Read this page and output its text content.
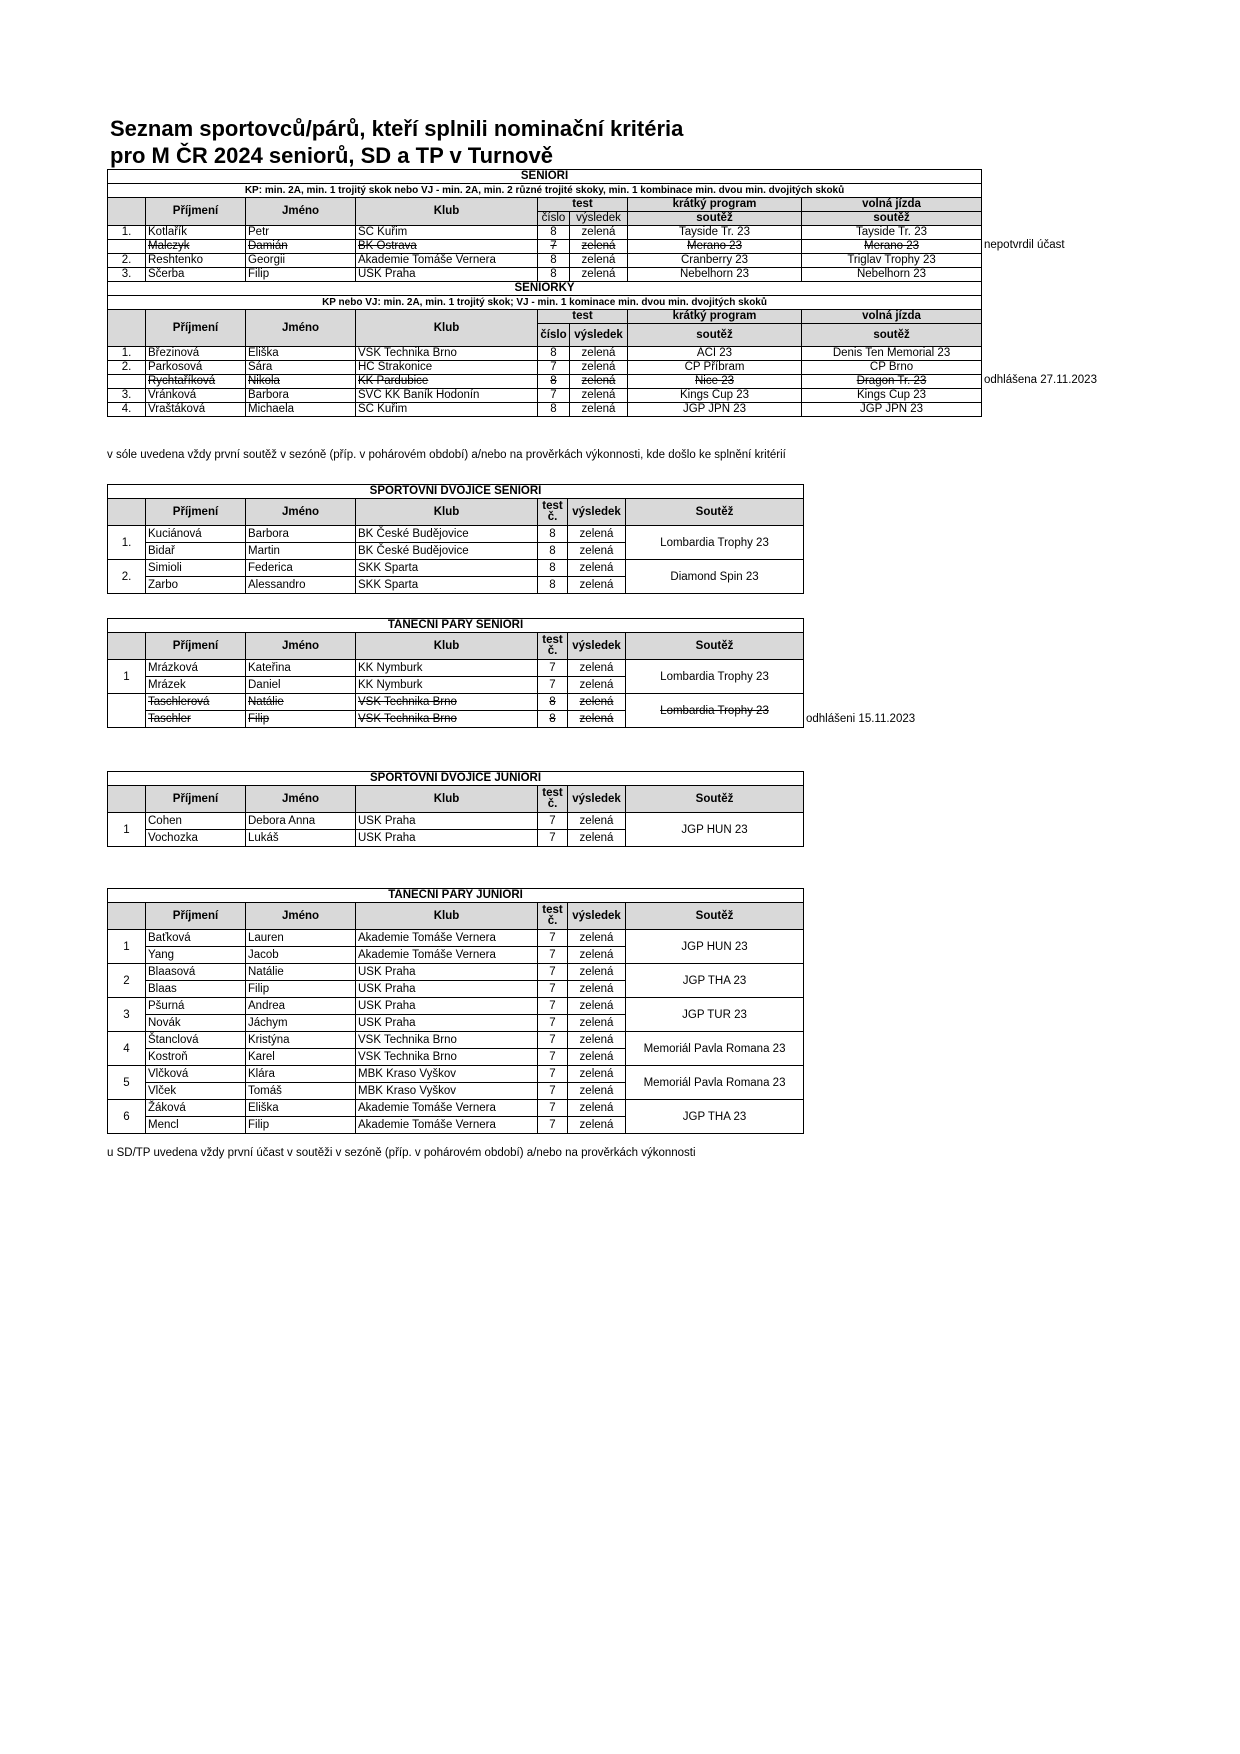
Seznam sportovců/párů, kteří splnili nominační kritéria
pro M ČR 2024 seniorů, SD a TP v Turnově
SENIOŘI							
KP: min. 2A, min. 1 trojitý skok nebo VJ - min. 2A, min. 2 různé trojité skoky, min. 1 kombinace min. dvou min. dvojitých skoků							
	Příjmení	Jméno	Klub	test		krátký program	volná jízda
				číslo	výsledek	soutěž	soutěž
1.	Kotlařík	Petr	SC Kuřim	8	zelená	Tayside Tr. 23	Tayside Tr. 23
	Malczyk	Damián	BK Ostrava	7	zelená	Merano 23	Merano 23
2.	Reshtenko	Georgii	Akademie Tomáše Vernera	8	zelená	Cranberry 23	Triglav Trophy 23
3.	Ščerba	Filip	USK Praha	8	zelená	Nebelhorn 23	Nebelhorn 23
SENIORKY							
KP nebo VJ: min. 2A, min. 1 trojitý skok; VJ - min. 1 kominace min. dvou min. dvojitých skoků							
	Příjmení	Jméno	Klub	test		krátký program	volná jízda
				číslo	výsledek	soutěž	soutěž
1.	Březinová	Eliška	VSK Technika Brno	8	zelená	ACI 23	Denis Ten Memorial 23
2.	Parkosová	Sára	HC Strakonice	7	zelená	ČP Příbram	ČP Brno
	Rychtaříková	Nikola	KK Pardubice	8	zelená	Nice 23	Dragon Tr. 23
3.	Vránková	Barbora	SVČ KK Baník Hodonín	7	zelená	Kings Cup 23	Kings Cup 23
4.	Vraštáková	Michaela	SC Kuřim	8	zelená	JGP JPN 23	JGP JPN 23
v sóle uvedena vždy první soutěž v sezóně (příp. v pohárovém období) a/nebo na prověrkách výkonnosti, kde došlo ke splnění kritérií
SPORTOVNÍ DVOJICE SENIOŘI						
	Příjmení	Jméno	Klub	test
č.	výsledek	Soutěž
1.	Kuciánová	Barbora	BK České Budějovice	8	zelená	Lombardia Trophy 23
	Bidař	Martin	BK České Budějovice	8	zelená	
2.	Simioli	Federica	SKK Sparta	8	zelená	Diamond Spin 23
	Zarbo	Alessandro	SKK Sparta	8	zelená	
TANEČNÍ PÁRY SENIOŘI						
	Příjmení	Jméno	Klub	test
č.	výsledek	Soutěž
1	Mrázková	Kateřina	KK Nymburk	7	zelená	Lombardia Trophy 23
	Mrázek	Daniel	KK Nymburk	7	zelená	
	Taschlerová	Natálie	VSK Technika Brno	8	zelená	Lombardia Trophy 23
	Taschler	Filip	VSK Technika Brno	8	zelená	
SPORTOVNÍ DVOJICE JUNIOŘI						
	Příjmení	Jméno	Klub	test
č.	výsledek	Soutěž
1	Cohen	Debora Anna	USK Praha	7	zelená	JGP HUN 23
	Vochozka	Lukáš	USK Praha	7	zelená	
TANEČNÍ PÁRY JUNIOŘI						
	Příjmení	Jméno	Klub	test
č.	výsledek	Soutěž
1	Baťková	Lauren	Akademie Tomáše Vernera	7	zelená	JGP HUN 23
	Yang	Jacob	Akademie Tomáše Vernera	7	zelená	
2	Blaasová	Natálie	USK Praha	7	zelená	JGP THA 23
	Blaas	Filip	USK Praha	7	zelená	
3	Pšurná	Andrea	USK Praha	7	zelená	JGP TUR 23
	Novák	Jáchym	USK Praha	7	zelená	
4	Štanclová	Kristýna	VSK Technika Brno	7	zelená	Memoriál Pavla Romana 23
	Kostroň	Karel	VSK Technika Brno	7	zelená	
5	Vlčková	Klára	MBK Kraso Vyškov	7	zelená	Memoriál Pavla Romana 23
	Vlček	Tomáš	MBK Kraso Vyškov	7	zelená	
6	Žáková	Eliška	Akademie Tomáše Vernera	7	zelená	JGP THA 23
	Mencl	Filip	Akademie Tomáše Vernera	7	zelená	
u SD/TP uvedena vždy první účast v soutěži v sezóně (příp. v pohárovém období) a/nebo na prověrkách výkonnosti
nepotvrdil účast
odhlášena 27.11.2023
odhlášeni 15.11.2023
